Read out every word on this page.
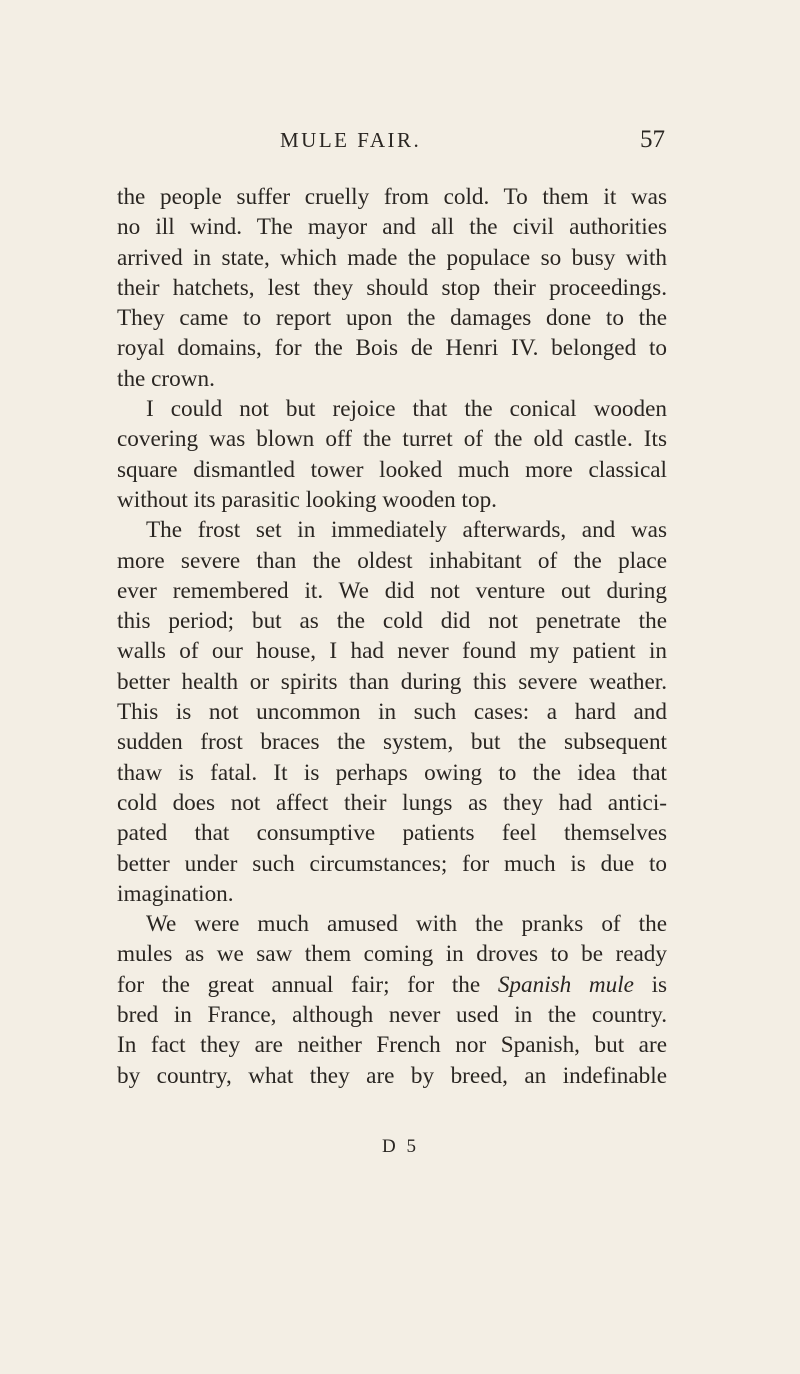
MULE FAIR.	57
the people suffer cruelly from cold. To them it was
no ill wind. The mayor and all the civil authorities
arrived in state, which made the populace so busy with
their hatchets, lest they should stop their proceedings.
They came to report upon the damages done to the
royal domains, for the Bois de Henri IV. belonged to
the crown.
I could not but rejoice that the conical wooden
covering was blown off the turret of the old castle. Its
square dismantled tower looked much more classical
without its parasitic looking wooden top.
The frost set in immediately afterwards, and was
more severe than the oldest inhabitant of the place
ever remembered it. We did not venture out during
this period; but as the cold did not penetrate the
walls of our house, I had never found my patient in
better health or spirits than during this severe weather.
This is not uncommon in such cases: a hard and
sudden frost braces the system, but the subsequent
thaw is fatal. It is perhaps owing to the idea that
cold does not affect their lungs as they had antici-
pated that consumptive patients feel themselves
better under such circumstances; for much is due to
imagination.
We were much amused with the pranks of the
mules as we saw them coming in droves to be ready
for the great annual fair; for the Spanish mule is
bred in France, although never used in the country.
In fact they are neither French nor Spanish, but are
by country, what they are by breed, an indefinable
D 5
